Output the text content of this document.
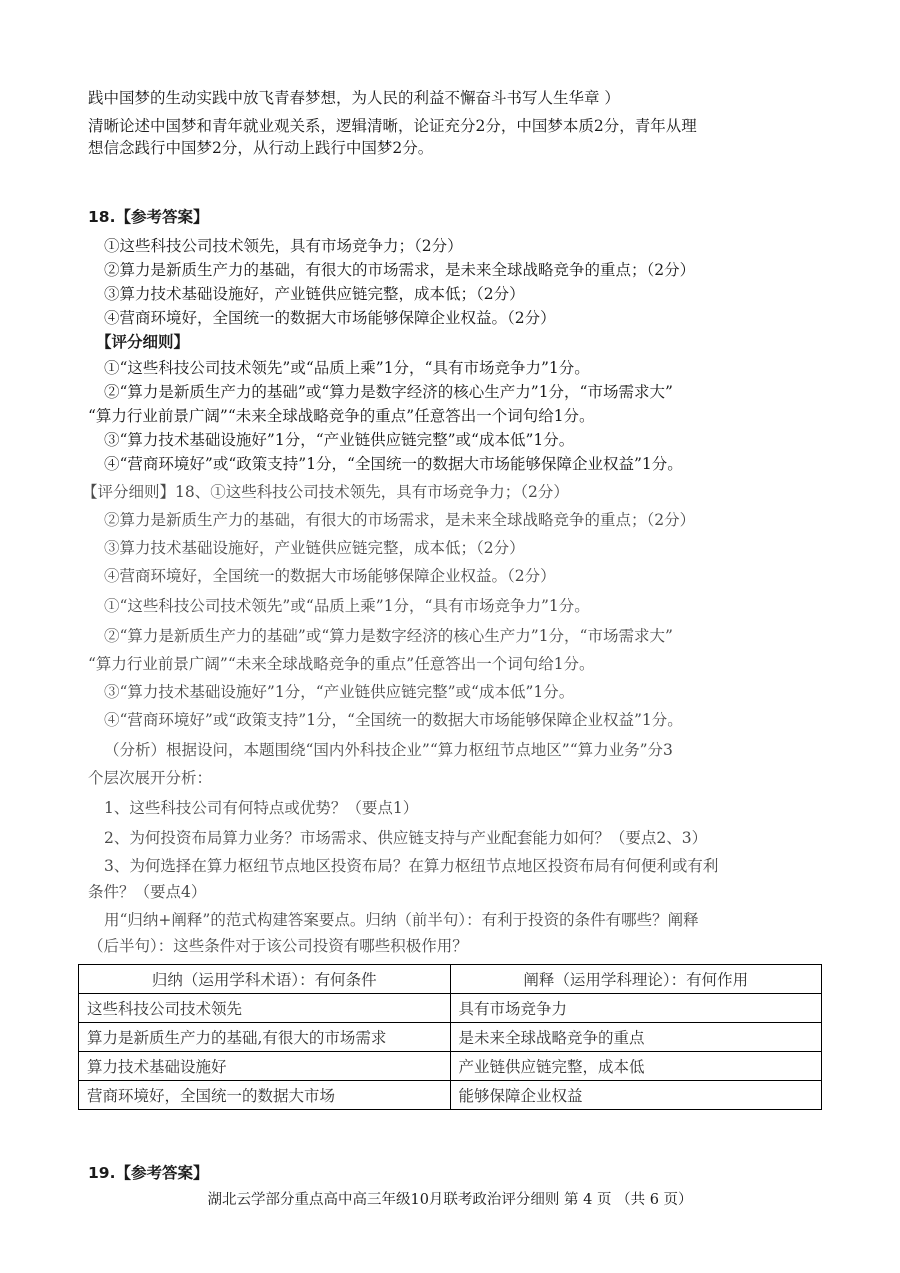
践中国梦的生动实践中放飞青春梦想，为人民的利益不懈奋斗书写人生华章 ）
清晰论述中国梦和青年就业观关系，逻辑清晰，论证充分2分，中国梦本质2分，青年从理
想信念践行中国梦2分，从行动上践行中国梦2分。
18.【参考答案】
①这些科技公司技术领先，具有市场竞争力；（2分）
②算力是新质生产力的基础，有很大的市场需求，是未来全球战略竞争的重点；（2分）
③算力技术基础设施好，产业链供应链完整，成本低；（2分）
④营商环境好，全国统一的数据大市场能够保障企业权益。（2分）
【评分细则】
①“这些科技公司技术领先”或“品质上乘”1分，“具有市场竞争力”1分。
②“算力是新质生产力的基础”或“算力是数字经济的核心生产力”1分，“市场需求大”
“算力行业前景广阔”“未来全球战略竞争的重点”任意答出一个词句给1分。
③“算力技术基础设施好”1分，“产业链供应链完整”或“成本低”1分。
④“营商环境好”或“政策支持”1分，“全国统一的数据大市场能够保障企业权益”1分。
【评分细则】18、①这些科技公司技术领先，具有市场竞争力；（2分）
②算力是新质生产力的基础，有很大的市场需求，是未来全球战略竞争的重点；（2分）
③算力技术基础设施好，产业链供应链完整，成本低；（2分）
④营商环境好，全国统一的数据大市场能够保障企业权益。（2分）
①“这些科技公司技术领先”或“品质上乘”1分，“具有市场竞争力”1分。
②“算力是新质生产力的基础”或“算力是数字经济的核心生产力”1分，“市场需求大”
“算力行业前景广阔”“未来全球战略竞争的重点”任意答出一个词句给1分。
③“算力技术基础设施好”1分，“产业链供应链完整”或“成本低”1分。
④“营商环境好”或“政策支持”1分，“全国统一的数据大市场能够保障企业权益”1分。
（分析）根据设问，本题围绕“国内外科技企业”“算力枢纽节点地区”“算力业务”分3
个层次展开分析：
1、这些科技公司有何特点或优势？（要点1）
2、为何投资布局算力业务？市场需求、供应链支持与产业配套能力如何？（要点2、3）
3、为何选择在算力枢纽节点地区投资布局？在算力枢纽节点地区投资布局有何便利或有利
条件？（要点4）
用“归纳+阐释”的范式构建答案要点。归纳（前半句）：有利于投资的条件有哪些？阐释
（后半句）：这些条件对于该公司投资有哪些积极作用？
归纳（运用学科术语）：有何条件	阐释（运用学科理论）：有何作用
这些科技公司技术领先	具有市场竞争力
算力是新质生产力的基础,有很大的市场需求	是未来全球战略竞争的重点
算力技术基础设施好	产业链供应链完整，成本低
营商环境好，全国统一的数据大市场	能够保障企业权益
19.【参考答案】
湖北云学部分重点高中高三年级10月联考政治评分细则 第 4 页 （共 6 页）
